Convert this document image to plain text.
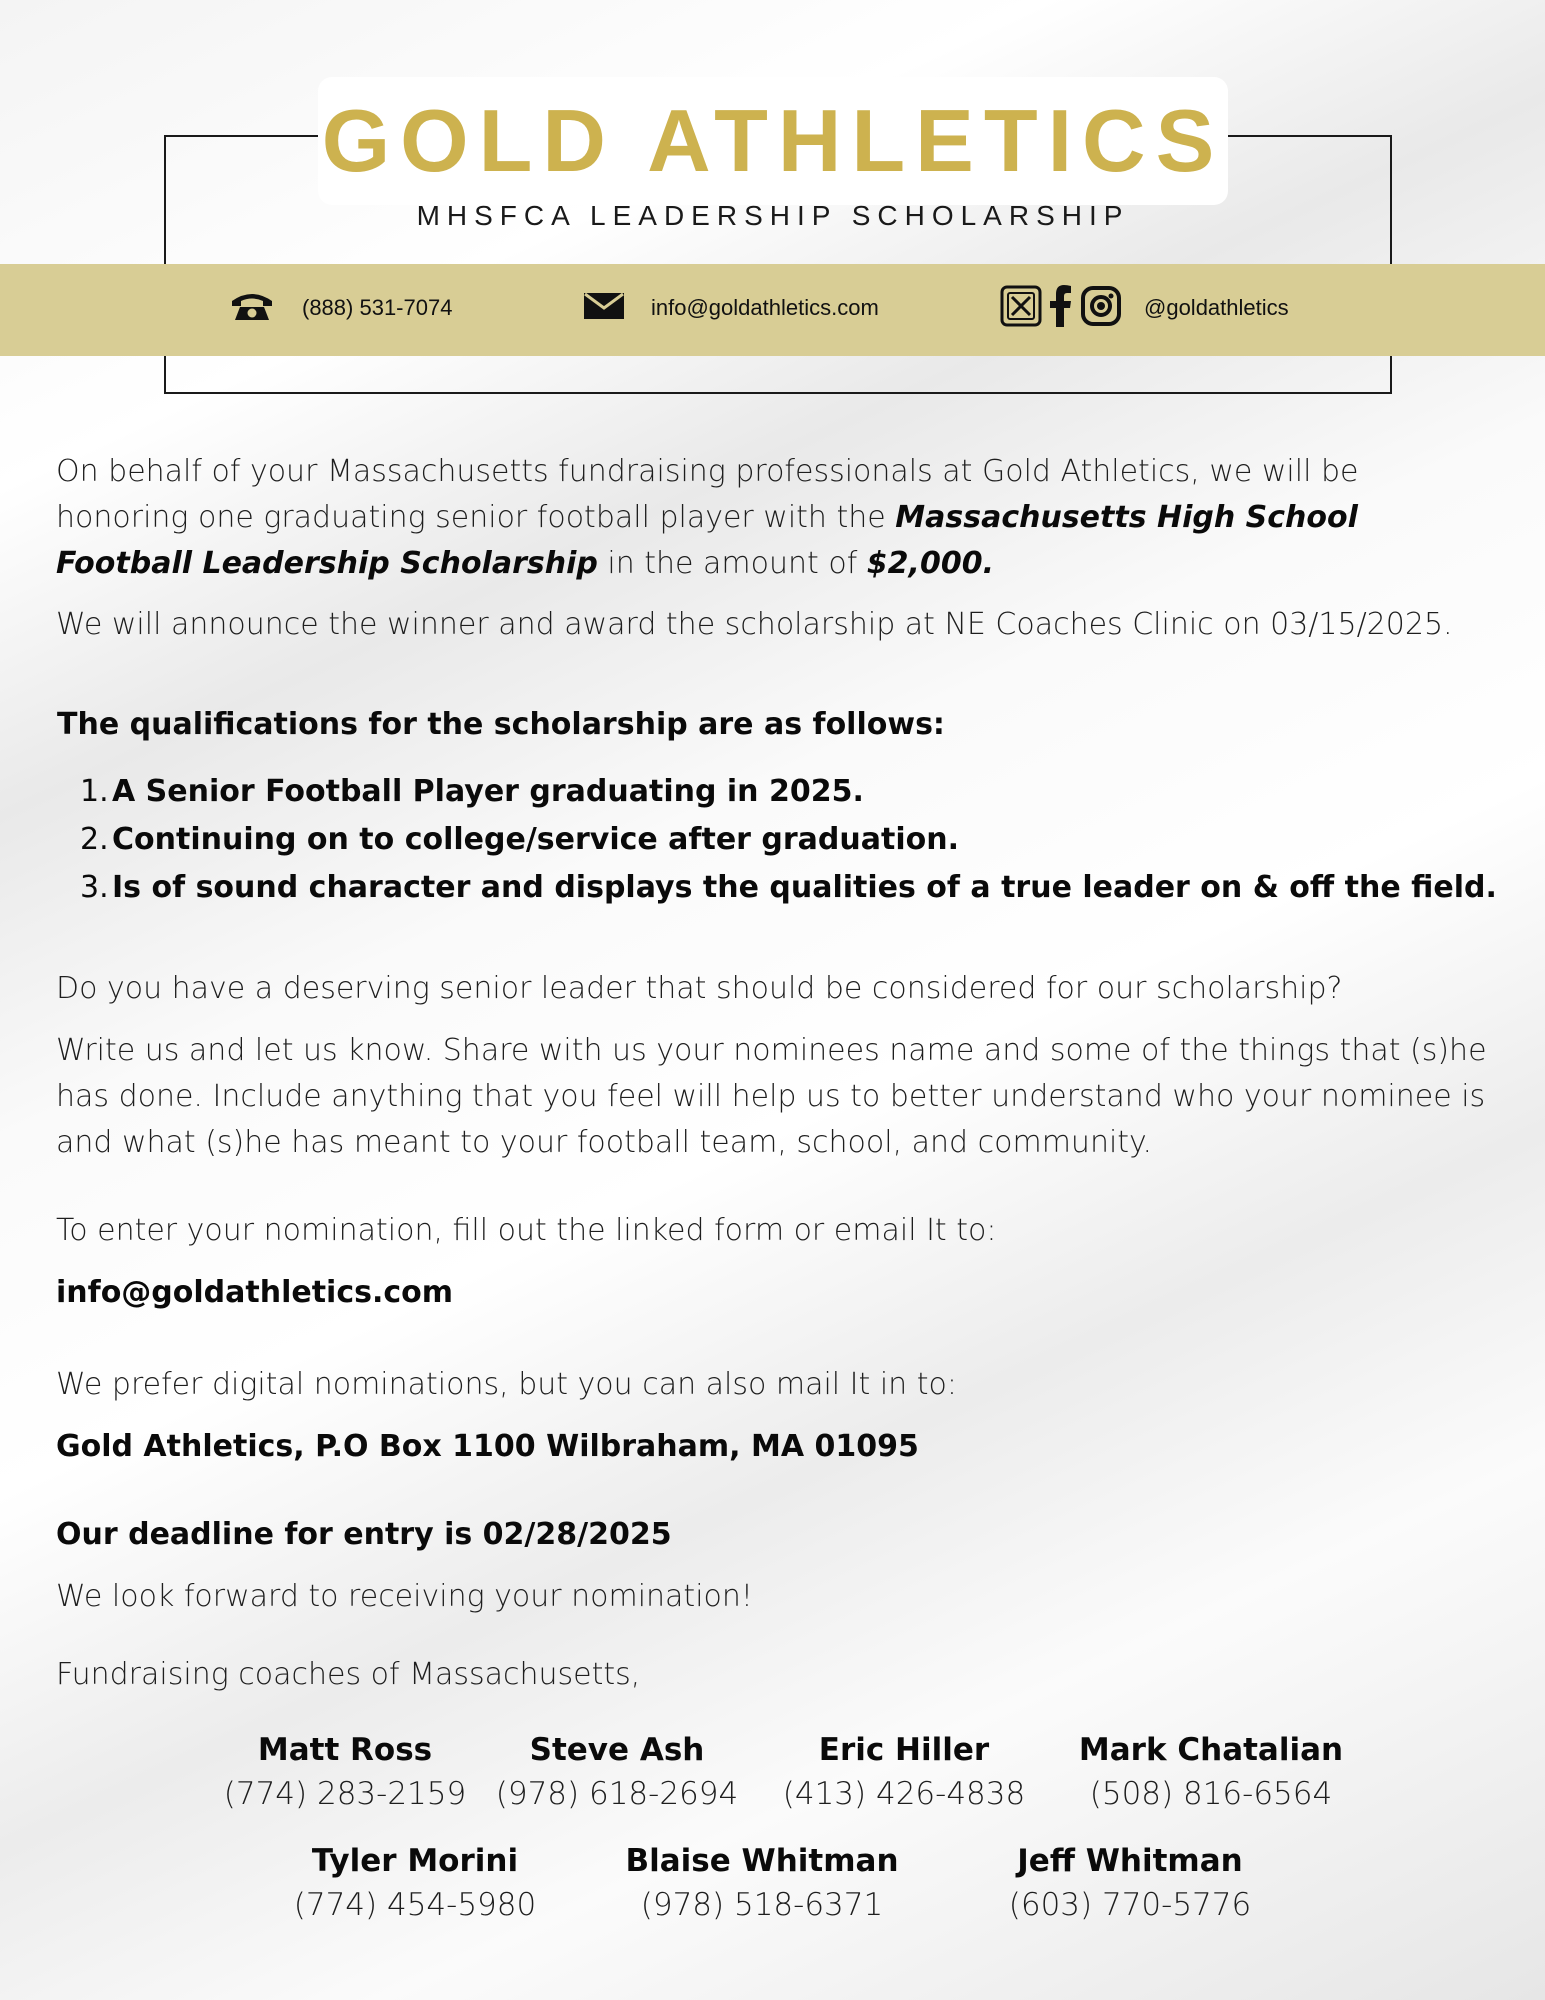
GOLD ATHLETICS
MHSFCA LEADERSHIP SCHOLARSHIP
(888) 531-7074	info@goldathletics.com	@goldathletics
On behalf of your Massachusetts fundraising professionals at Gold Athletics, we will be honoring one graduating senior football player with the Massachusetts High School Football Leadership Scholarship in the amount of $2,000.
We will announce the winner and award the scholarship at NE Coaches Clinic on 03/15/2025.
The qualifications for the scholarship are as follows:
1. A Senior Football Player graduating in 2025.
2. Continuing on to college/service after graduation.
3. Is of sound character and displays the qualities of a true leader on & off the field.
Do you have a deserving senior leader that should be considered for our scholarship?
Write us and let us know. Share with us your nominees name and some of the things that (s)he has done. Include anything that you feel will help us to better understand who your nominee is and what (s)he has meant to your football team, school, and community.
To enter your nomination, fill out the linked form or email It to:
info@goldathletics.com
We prefer digital nominations, but you can also mail It in to:
Gold Athletics, P.O Box 1100 Wilbraham, MA 01095
Our deadline for entry is 02/28/2025
We look forward to receiving your nomination!
Fundraising coaches of Massachusetts,
Matt Ross
(774) 283-2159
Steve Ash
(978) 618-2694
Eric Hiller
(413) 426-4838
Mark Chatalian
(508) 816-6564
Tyler Morini
(774) 454-5980
Blaise Whitman
(978) 518-6371
Jeff Whitman
(603) 770-5776
